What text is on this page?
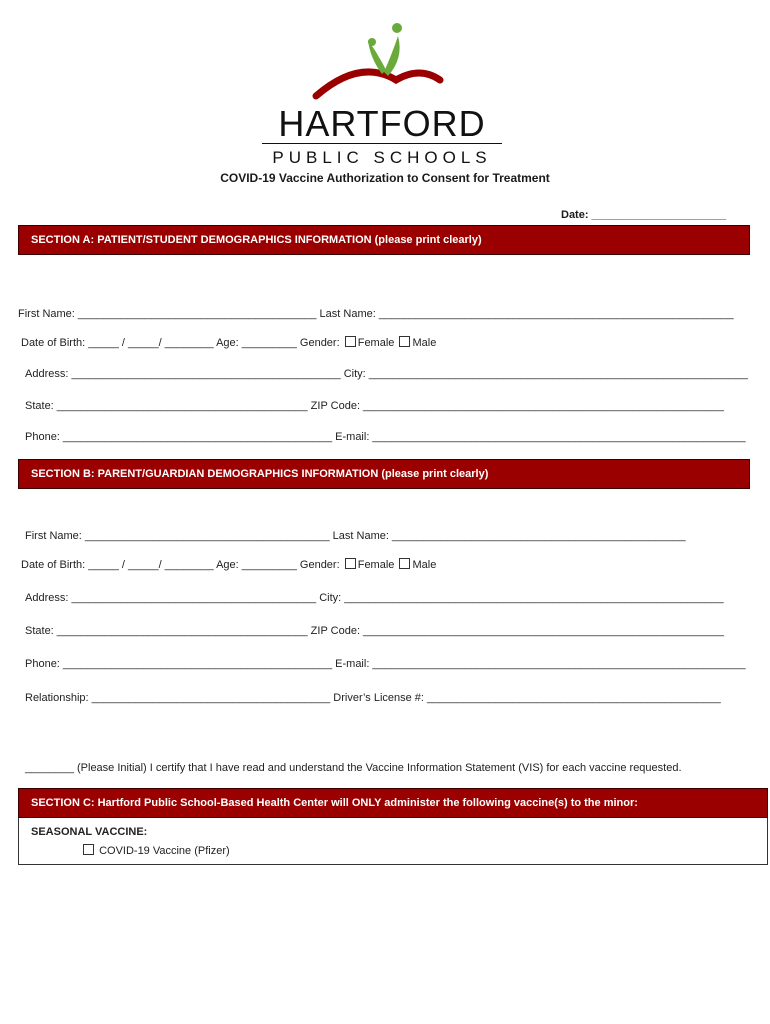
HARTFORD
PUBLIC SCHOOLS
COVID-19 Vaccine Authorization to Consent for Treatment
Date: ______________________
SECTION A: PATIENT/STUDENT DEMOGRAPHICS INFORMATION (please print clearly)
First Name: _______________________________________ Last Name: __________________________________________________________
Date of Birth: _____ / _____/ ________ Age: _________ Gender: Female Male
Address: ____________________________________________ City: ______________________________________________________________
State: _________________________________________ ZIP Code: ___________________________________________________________
Phone: ____________________________________________ E-mail: _____________________________________________________________
SECTION B: PARENT/GUARDIAN DEMOGRAPHICS INFORMATION (please print clearly)
First Name: ________________________________________ Last Name: ________________________________________________
Date of Birth: _____ / _____/ ________ Age: _________ Gender: Female Male
Address: ________________________________________ City: ______________________________________________________________
State: _________________________________________ ZIP Code: ___________________________________________________________
Phone: ____________________________________________ E-mail: _____________________________________________________________
Relationship: _______________________________________ Driver’s License #: ________________________________________________
________ (Please Initial) I certify that I have read and understand the Vaccine Information Statement (VIS) for each vaccine requested.
SECTION C: Hartford Public School-Based Health Center will ONLY administer the following vaccine(s) to the minor:
SEASONAL VACCINE:
COVID-19 Vaccine (Pfizer)
